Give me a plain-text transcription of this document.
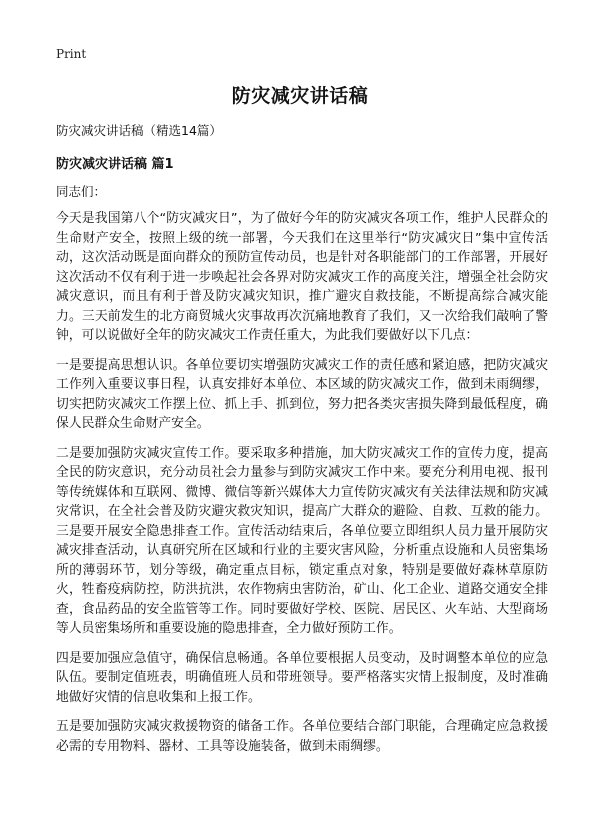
Print
防灾减灾讲话稿
防灾减灾讲话稿（精选14篇）
防灾减灾讲话稿 篇1
同志们：

今天是我国第八个“防灾减灾日”，为了做好今年的防灾减灾各项工作，维护人民群众的生命财产安全，按照上级的统一部署，今天我们在这里举行“防灾减灾日”集中宣传活动，这次活动既是面向群众的预防宣传动员，也是针对各职能部门的工作部署，开展好这次活动不仅有利于进一步唤起社会各界对防灾减灾工作的高度关注，增强全社会防灾减灾意识，而且有利于普及防灾减灾知识，推广避灾自救技能，不断提高综合减灾能力。三天前发生的北方商贸城火灾事故再次沉痛地教育了我们，又一次给我们敲响了警钟，可以说做好全年的防灾减灾工作责任重大，为此我们要做好以下几点：

一是要提高思想认识。各单位要切实增强防灾减灾工作的责任感和紧迫感，把防灾减灾工作列入重要议事日程，认真安排好本单位、本区域的防灾减灾工作，做到未雨绸缪，切实把防灾减灾工作摆上位、抓上手、抓到位，努力把各类灾害损失降到最低程度，确保人民群众生命财产安全。

二是要加强防灾减灾宣传工作。要采取多种措施，加大防灾减灾工作的宣传力度，提高全民的防灾意识，充分动员社会力量参与到防灾减灾工作中来。要充分利用电视、报刊等传统媒体和互联网、微博、微信等新兴媒体大力宣传防灾减灾有关法律法规和防灾减灾常识，在全社会普及防灾避灾救灾知识，提高广大群众的避险、自救、互救的能力。三是要开展安全隐患排查工作。宣传活动结束后，各单位要立即组织人员力量开展防灾减灾排查活动，认真研究所在区域和行业的主要灾害风险，分析重点设施和人员密集场所的薄弱环节，划分等级，确定重点目标，锁定重点对象，特别是要做好森林草原防火，牲畜疫病防控，防洪抗洪，农作物病虫害防治，矿山、化工企业、道路交通安全排查，食品药品的安全监管等工作。同时要做好学校、医院、居民区、火车站、大型商场等人员密集场所和重要设施的隐患排查，全力做好预防工作。

四是要加强应急值守，确保信息畅通。各单位要根据人员变动，及时调整本单位的应急队伍。要制定值班表，明确值班人员和带班领导。要严格落实灾情上报制度，及时准确地做好灾情的信息收集和上报工作。

五是要加强防灾减灾救援物资的储备工作。各单位要结合部门职能，合理确定应急救援必需的专用物料、器材、工具等设施装备，做到未雨绸缪。
